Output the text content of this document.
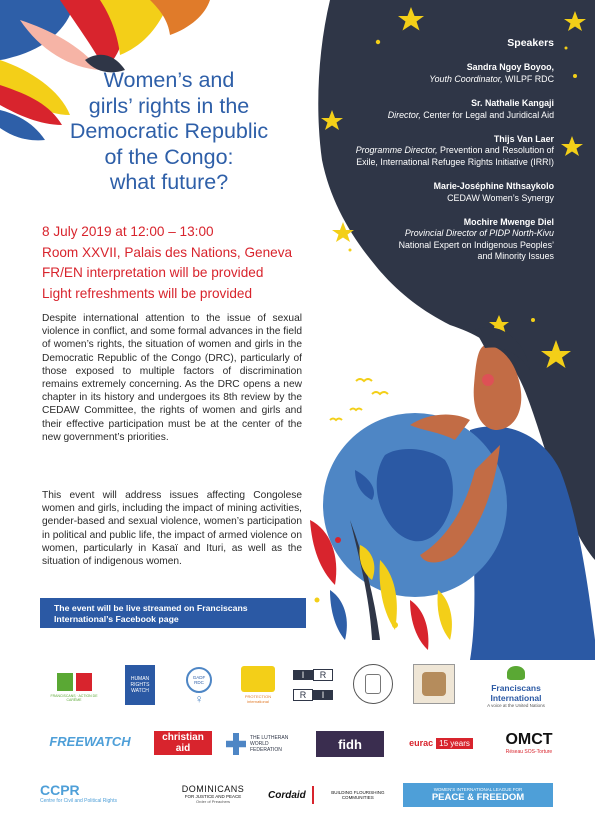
Women’s and
girls’ rights in the
Democratic Republic
of the Congo:
what future?
8 July 2019 at 12:00 – 13:00
Room XXVII, Palais des Nations, Geneva
FR/EN interpretation will be provided
Light refreshments will be provided
Despite international attention to the issue of sexual violence in conflict, and some formal advances in the field of women’s rights, the situation of women and girls in the Democratic Republic of the Congo (DRC), particularly of those exposed to multiple factors of discrimination remains extremely concerning. As the DRC opens a new chapter in its history and undergoes its 8th review by the CEDAW Committee, the rights of women and girls and their effective participation must be at the center of the new government’s priorities.
This event will address issues affecting Congolese women and girls, including the impact of mining activities, gender-based and sexual violence, women’s participation in political and public life, the impact of armed violence on women, particularly in Kasaï and Ituri, as well as the situation of indigenous women.
The event will be live streamed on Franciscans
International’s Facebook page
Speakers
Sandra Ngoy Boyoo,
Youth Coordinator, WILPF RDC
Sr. Nathalie Kangaji
Director, Center for Legal and Juridical Aid
Thijs Van Laer
Programme Director, Prevention and Resolution of
Exile, International Refugee Rights Initiative (IRRI)
Marie-Joséphine Nthsaykolo
CEDAW Women’s Synergy
Mochire Mwenge Diel
Provincial Director of PIDP North-Kivu
National Expert on Indigenous Peoples’
and Minority Issues
FRANCISCANS · ACTION DE CARÊME
HUMAN RIGHTS WATCH
GADF RDC
♀	PROTECTION international
I	R
R	I
Franciscans International
A voice at the United Nations
FREEWATCH	christian aid
THE LUTHERAN WORLD FEDERATION	fidh	eurac 15 years OMCT
Réseau SOS-Torture
CCPR
Centre for Civil and Political Rights
DOMINICANS
FOR JUSTICE AND PEACE
Order of Preachers
Cordaid	BUILDING FLOURISHING COMMUNITIES
WOMEN'S INTERNATIONAL LEAGUE FOR
PEACE & FREEDOM
